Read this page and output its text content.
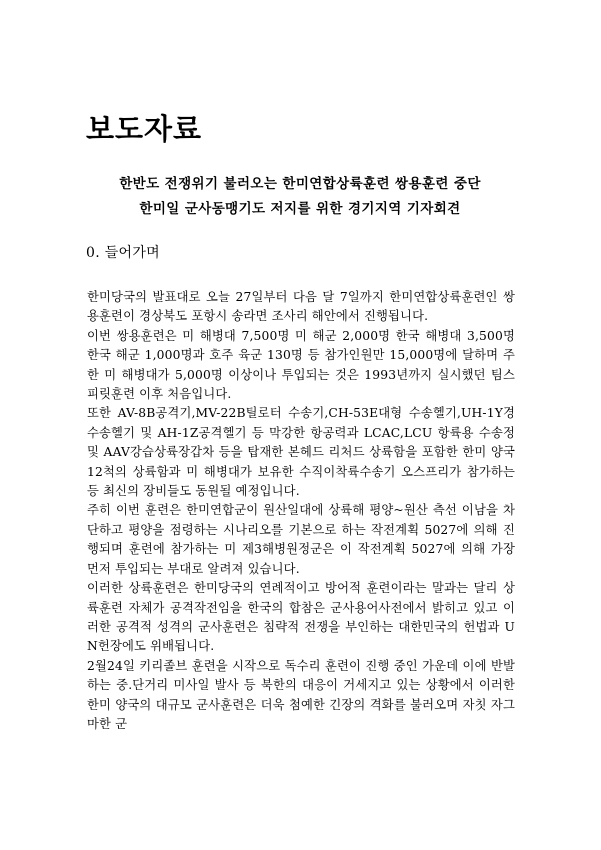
보도자료
한반도 전쟁위기 불러오는 한미연합상륙훈련 쌍용훈련 중단
한미일 군사동맹기도 저지를 위한 경기지역 기자회견
0. 들어가며

한미당국의 발표대로 오늘 27일부터 다음 달 7일까지 한미연합상륙훈련인 쌍용훈련이 경상북도 포항시 송라면 조사리 해안에서 진행됩니다.

이번 쌍용훈련은 미 해병대 7,500명 미 해군 2,000명 한국 해병대 3,500명 한국 해군 1,000명과 호주 육군 130명 등 참가인원만 15,000명에 달하며 주한 미 해병대가 5,000명 이상이나 투입되는 것은 1993년까지 실시했던 팀스피릿훈련 이후 처음입니다.

또한 AV-8B공격기,MV-22B틸로터 수송기,CH-53E대형 수송헬기,UH-1Y경수송헬기 및 AH-1Z공격헬기 등 막강한 항공력과 LCAC,LCU 항륙용 수송정 및 AAV강습상륙장갑차 등을 탑재한 본헤드 리처드 상륙함을 포함한 한미 양국 12척의 상륙함과 미 해병대가 보유한 수직이착륙수송기 오스프리가 참가하는 등 최신의 장비들도 동원될 예정입니다.

주히 이번 훈련은 한미연합군이 원산일대에 상륙해 평양~원산 측선 이남을 차단하고 평양을 점령하는 시나리오를 기본으로 하는 작전계획 5027에 의해 진행되며 훈련에 참가하는 미 제3해병원정군은 이 작전계획 5027에 의해 가장 먼저 투입되는 부대로 알려져 있습니다.

이러한 상륙훈련은 한미당국의 연례적이고 방어적 훈련이라는 말과는 달리 상륙훈련 자체가 공격작전임을 한국의 합참은 군사용어사전에서 밝히고 있고 이러한 공격적 성격의 군사훈련은 침략적 전쟁을 부인하는 대한민국의 헌법과 UN헌장에도 위배됩니다.

2월24일 키리졸브 훈련을 시작으로 독수리 훈련이 진행 중인 가운데 이에 반발하는 중.단거리 미사일 발사 등 북한의 대응이 거세지고 있는 상황에서 이러한 한미 양국의 대규모 군사훈련은 더욱 첨예한 긴장의 격화를 불러오며 자칫 자그마한 군
